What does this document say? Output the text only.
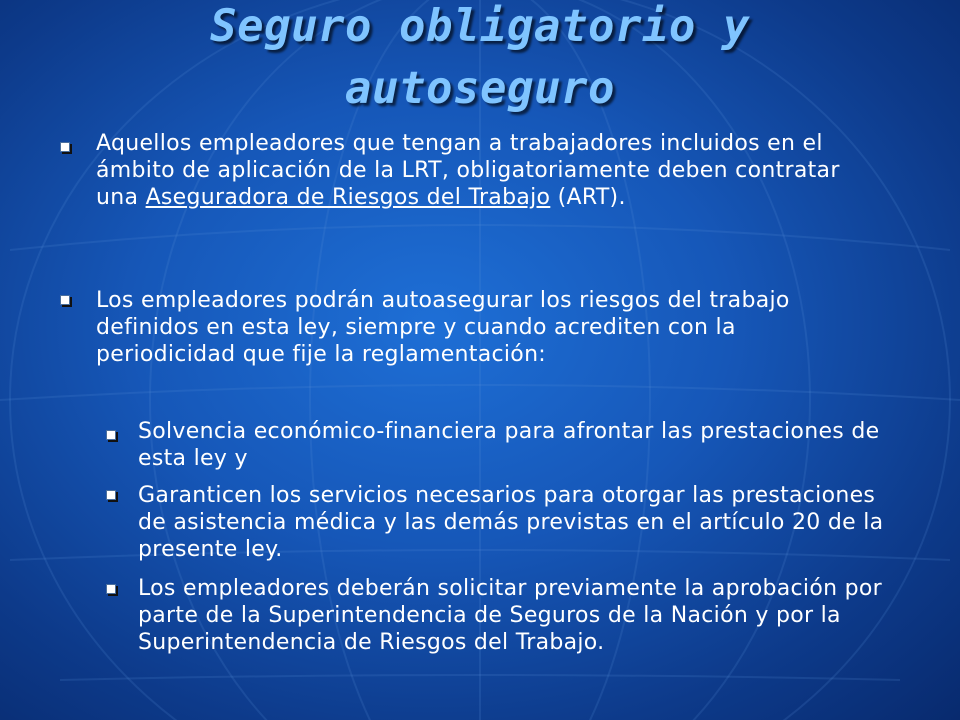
Seguro obligatorio y
autoseguro
Aquellos empleadores que tengan a trabajadores incluidos en el ámbito de aplicación de la LRT, obligatoriamente deben contratar una Aseguradora de Riesgos del Trabajo (ART).
Los empleadores podrán autoasegurar los riesgos del trabajo definidos en esta ley, siempre y cuando acrediten con la periodicidad que fije la reglamentación:
Solvencia económico-financiera para afrontar las prestaciones de esta ley y
Garanticen los servicios necesarios para otorgar las prestaciones de asistencia médica y las demás previstas en el artículo 20 de la presente ley.
Los empleadores deberán solicitar previamente la aprobación por parte de la Superintendencia de Seguros de la Nación y por la Superintendencia de Riesgos del Trabajo.
